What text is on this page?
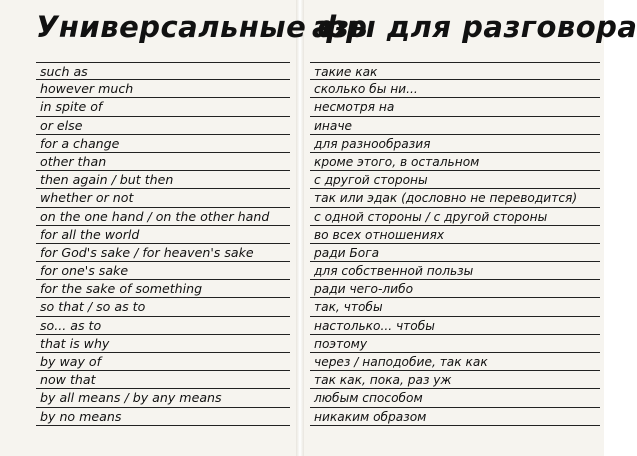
Универсальные фр
азы для разговора
such as
however much
in spite of
or else
for a change
other than
then again / but then
whether or not
on the one hand / on the other hand
for all the world
for God's sake / for heaven's sake
for one's sake
for the sake of something
so that / so as to
so... as to
that is why
by way of
now that
by all means / by any means
by no means
такие как
сколько бы ни...
несмотря на
иначе
для разнообразия
кроме этого, в остальном
с другой стороны
так или эдак (дословно не переводится)
с одной стороны / с другой стороны
во всех отношениях
ради Бога
для собственной пользы
ради чего-либо
так, чтобы
настолько... чтобы
поэтому
через / наподобие, так как
так как, пока, раз уж
любым способом
никаким образом
